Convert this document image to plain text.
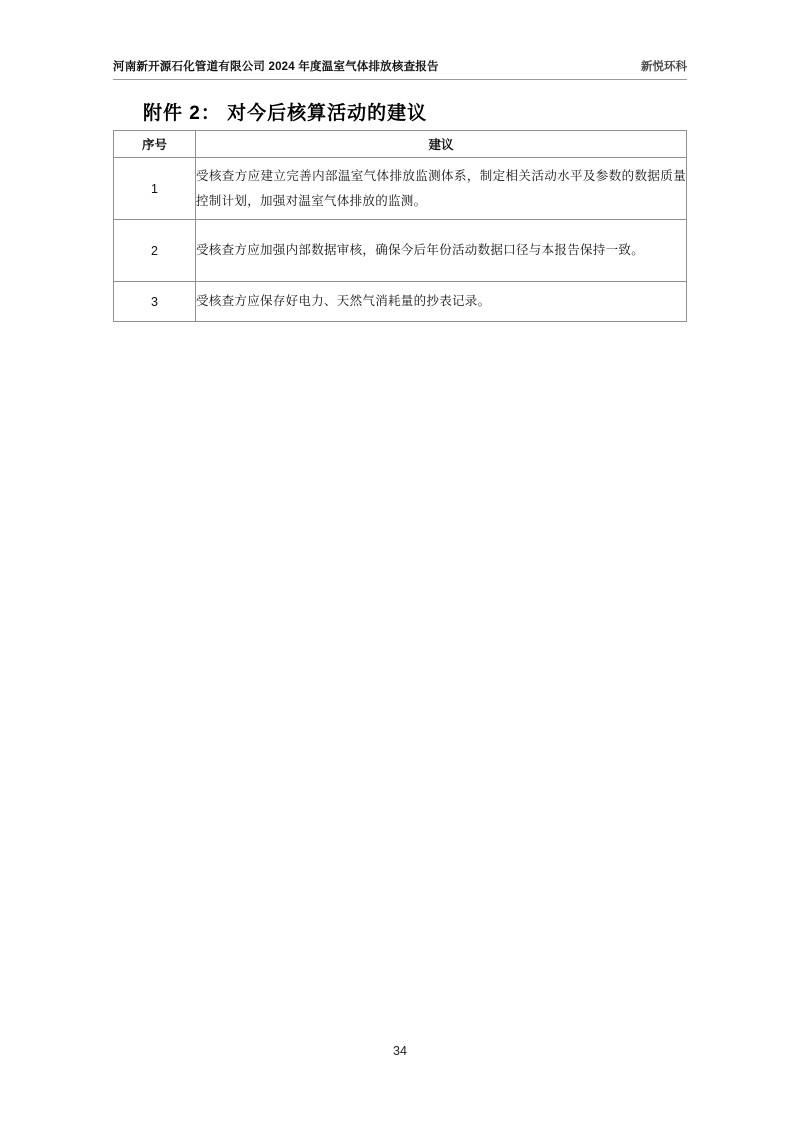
河南新开源石化管道有限公司 2024 年度温室气体排放核查报告	新悦环科
附件 2： 对今后核算活动的建议
序号	建议
1	受核查方应建立完善内部温室气体排放监测体系，制定相关活动水平及参数的数据质量控制计划，加强对温室气体排放的监测。
2	受核查方应加强内部数据审核，确保今后年份活动数据口径与本报告保持一致。
3	受核查方应保存好电力、天然气消耗量的抄表记录。
34
